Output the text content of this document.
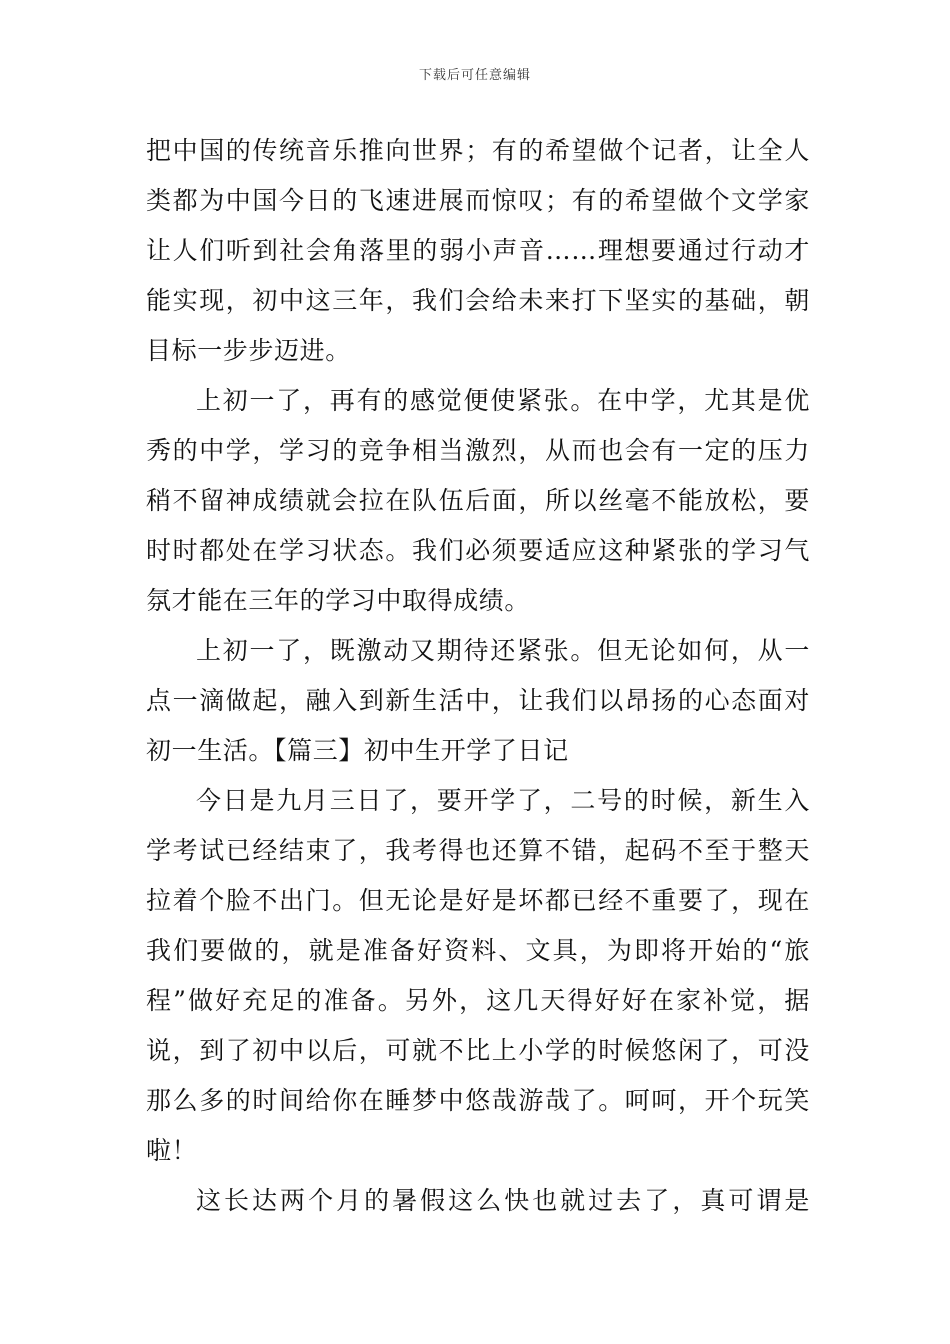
下载后可任意编辑
把中国的传统音乐推向世界；有的希望做个记者，让全人
类都为中国今日的飞速进展而惊叹；有的希望做个文学家
让人们听到社会角落里的弱小声音……理想要通过行动才
能实现，初中这三年，我们会给未来打下坚实的基础，朝
目标一步步迈进。
上初一了，再有的感觉便使紧张。在中学，尤其是优
秀的中学，学习的竞争相当激烈，从而也会有一定的压力
稍不留神成绩就会拉在队伍后面，所以丝毫不能放松，要
时时都处在学习状态。我们必须要适应这种紧张的学习气
氛才能在三年的学习中取得成绩。
上初一了，既激动又期待还紧张。但无论如何，从一
点一滴做起，融入到新生活中，让我们以昂扬的心态面对
初一生活。【篇三】初中生开学了日记
今日是九月三日了，要开学了，二号的时候，新生入
学考试已经结束了，我考得也还算不错，起码不至于整天
拉着个脸不出门。但无论是好是坏都已经不重要了，现在
我们要做的，就是准备好资料、文具，为即将开始的“旅
程”做好充足的准备。另外，这几天得好好在家补觉，据
说，到了初中以后，可就不比上小学的时候悠闲了，可没
那么多的时间给你在睡梦中悠哉游哉了。呵呵，开个玩笑
啦！
这长达两个月的暑假这么快也就过去了，真可谓是
